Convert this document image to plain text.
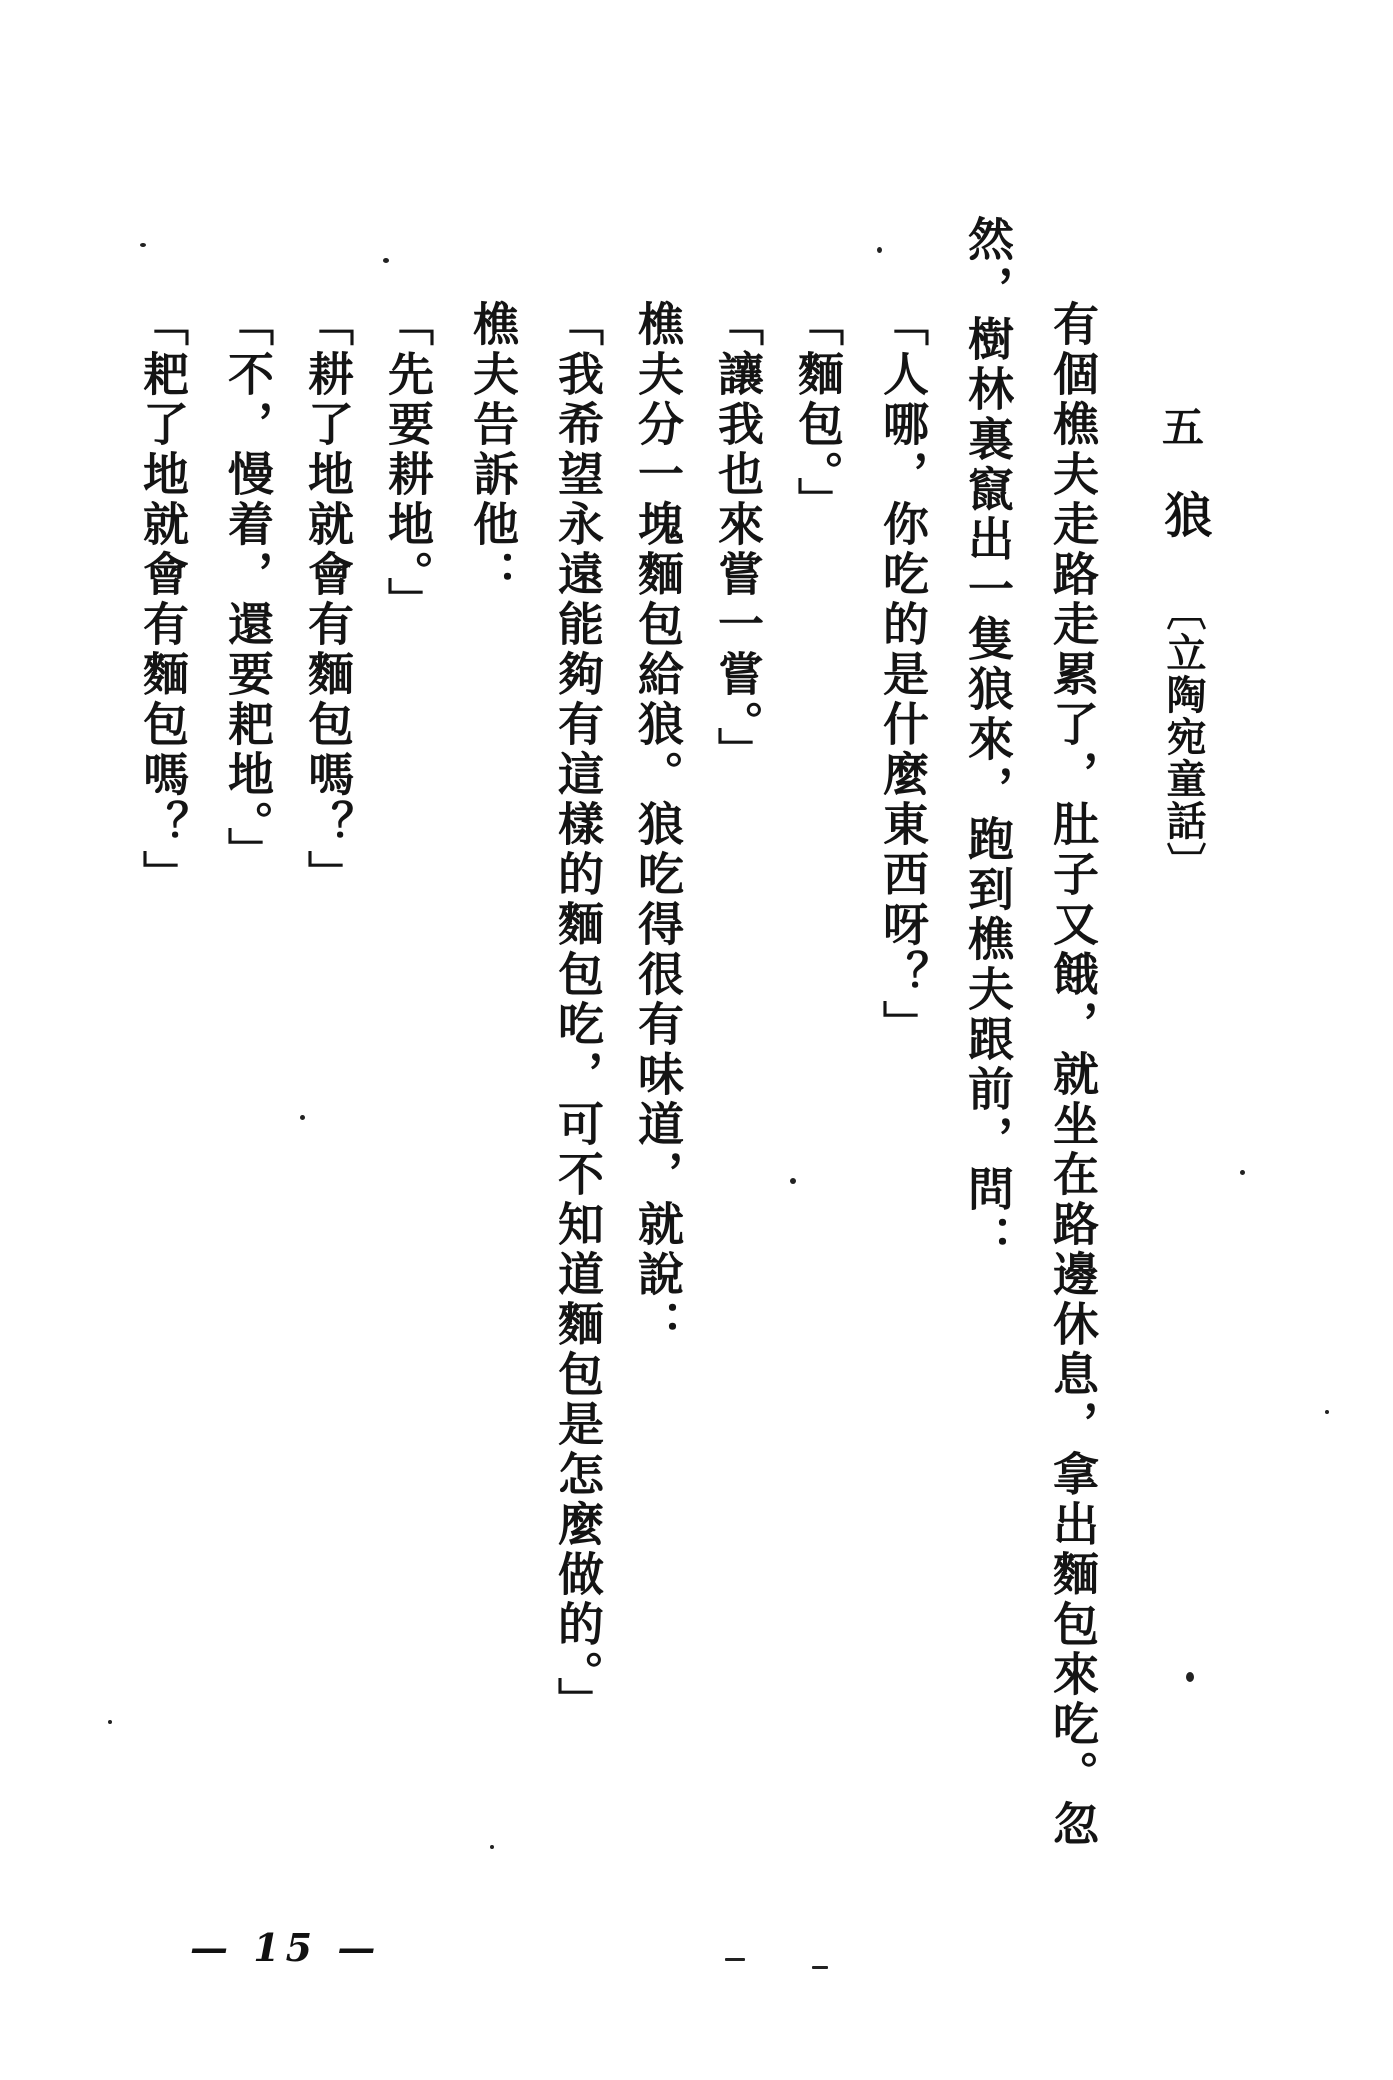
五
狼
〔立陶宛童話〕
有個樵夫走路走累了，肚子又餓，就坐在路邊休息，拿出麵包來吃。忽
然，樹林裏竄出一隻狼來，跑到樵夫跟前，問：
「人哪，你吃的是什麼東西呀？」
「麵包。」
「讓我也來嘗一嘗。」
樵夫分一塊麵包給狼。狼吃得很有味道，就說：
「我希望永遠能夠有這樣的麵包吃，可不知道麵包是怎麼做的。」
樵夫告訴他：
「先要耕地。」
「耕了地就會有麵包嗎？」
「不，慢着，還要耙地。」
「耙了地就會有麵包嗎？」
— 15 —
